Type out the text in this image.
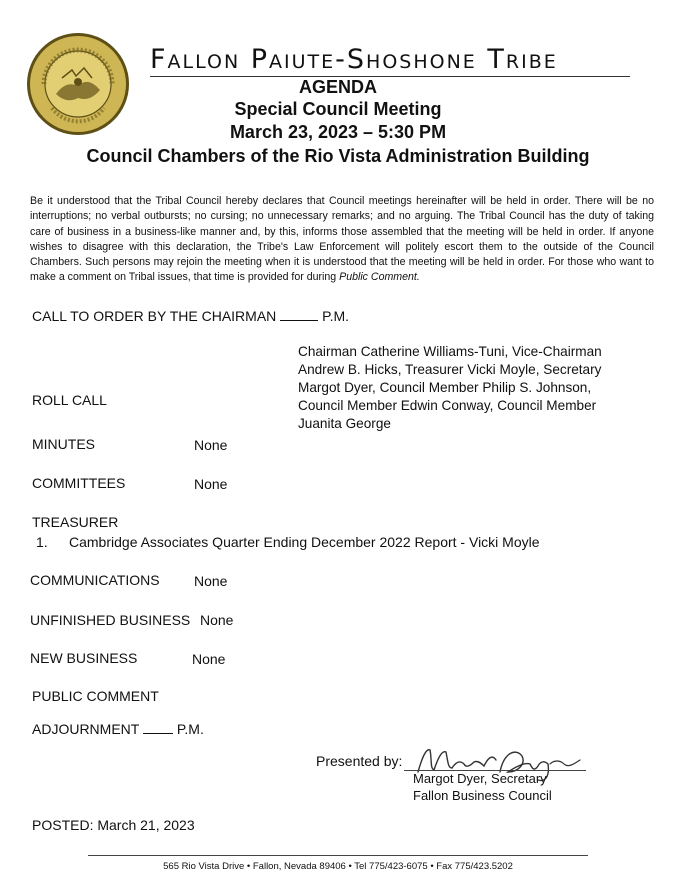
Fallon Paiute-Shoshone Tribe
AGENDA
Special Council Meeting
March 23, 2023 – 5:30 PM
Council Chambers of the Rio Vista Administration Building
Be it understood that the Tribal Council hereby declares that Council meetings hereinafter will be held in order. There will be no interruptions; no verbal outbursts; no cursing; no unnecessary remarks; and no arguing. The Tribal Council has the duty of taking care of business in a business-like manner and, by this, informs those assembled that the meeting will be held in order. If anyone wishes to disagree with this declaration, the Tribe's Law Enforcement will politely escort them to the outside of the Council Chambers. Such persons may rejoin the meeting when it is understood that the meeting will be held in order. For those who want to make a comment on Tribal issues, that time is provided for during Public Comment.
CALL TO ORDER BY THE CHAIRMAN	P.M.
ROLL CALL
Chairman Catherine Williams-Tuni, Vice-Chairman
Andrew B. Hicks, Treasurer Vicki Moyle, Secretary
Margot Dyer, Council Member Philip S. Johnson,
Council Member Edwin Conway, Council Member
Juanita George
MINUTES	None
COMMITTEES	None
TREASURER
1. Cambridge Associates Quarter Ending December 2022 Report - Vicki Moyle
COMMUNICATIONS None
UNFINISHED BUSINESS None
NEW BUSINESS	None
PUBLIC COMMENT
ADJOURNMENT	P.M.
Presented by:
Margot Dyer, Secretary
Fallon Business Council
POSTED: March 21, 2023
565 Rio Vista Drive • Fallon, Nevada 89406 • Tel 775/423-6075 • Fax 775/423.5202
